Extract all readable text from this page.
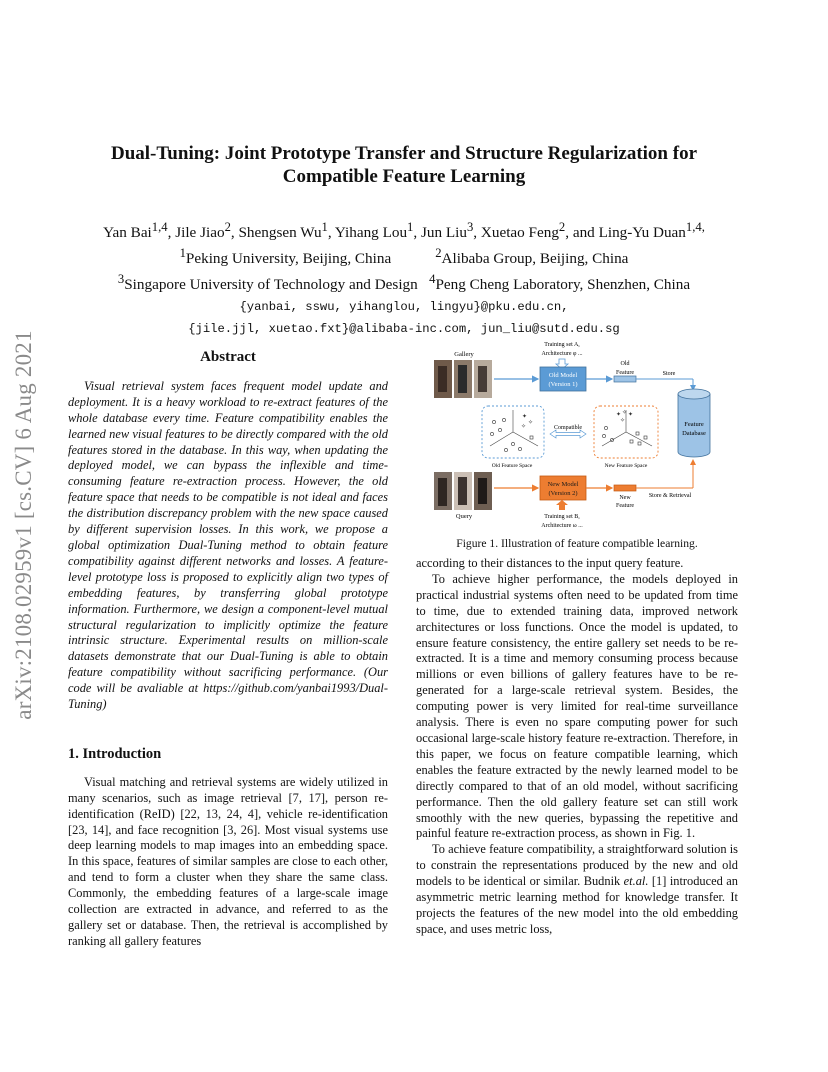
arXiv:2108.02959v1 [cs.CV] 6 Aug 2021
Dual-Tuning: Joint Prototype Transfer and Structure Regularization for
Compatible Feature Learning
Yan Bai$^{1,4}$, Jile Jiao$^2$, Shengsen Wu$^1$, Yihang Lou$^1$, Jun Liu$^3$, Xuetao Feng$^2$, and Ling-Yu Duan$^{1,4,}$
$^1$Peking University, Beijing, China	$^2$Alibaba Group, Beijing, China
$^3$Singapore University of Technology and Design $^4$Peng Cheng Laboratory, Shenzhen, China
{yanbai, sswu, yihanglou, lingyu}@pku.edu.cn,
{jile.jjl, xuetao.fxt}@alibaba-inc.com, jun_liu@sutd.edu.sg
Abstract

Visual retrieval system faces frequent model update and deployment. It is a heavy workload to re-extract features of the whole database every time. Feature compatibility enables the learned new visual features to be directly compared with the old features stored in the database. In this way, when updating the deployed model, we can bypass the inflexible and time-consuming feature re-extraction process. However, the old feature space that needs to be compatible is not ideal and faces the distribution discrepancy problem with the new space caused by different supervision losses. In this work, we propose a global optimization Dual-Tuning method to obtain feature compatibility against different networks and losses. A feature-level prototype loss is proposed to explicitly align two types of embedding features, by transferring global prototype information. Furthermore, we design a component-level mutual structural regularization to implicitly optimize the feature intrinsic structure. Experimental results on million-scale datasets demonstrate that our Dual-Tuning is able to obtain feature compatibility without sacrificing performance. (Our code will be avaliable at https://github.com/yanbai1993/Dual-Tuning)

1. Introduction

Visual matching and retrieval systems are widely utilized in many scenarios, such as image retrieval [7, 17], person re-identification (ReID) [22, 13, 24, 4], vehicle re-identification [23, 14], and face recognition [3, 26]. Most visual systems use deep learning models to map images into an embedding space. In this space, features of similar samples are close to each other, and tend to form a cluster when they share the same class. Commonly, the embedding features of a large-scale image collection are extracted in advance, and referred to as the gallery set or database. Then, the retrieval is accomplished by ranking all gallery features

Gallery
Training set A,
Architecture φ ...
Old Model
(Version 1)
Old
Feature	Store
✦
✧
✧
Old Feature Space
Compatible
✦ ✧ ✦
✧
New Feature Space
Feature
Database
Query
New Model
(Version 2)
Training set B,
Architecture ω ...
New
Feature
Store & Retrieval
Figure 1. Illustration of feature compatible learning.

according to their distances to the input query feature.

To achieve higher performance, the models deployed in practical industrial systems often need to be updated from time to time, due to extended training data, improved network architectures or loss functions. Once the model is updated, to ensure feature consistency, the entire gallery set needs to be re-extracted. It is a time and memory consuming process because millions or even billions of gallery features have to be re-generated for a large-scale retrieval system. Besides, the computing power is very limited for real-time surveillance analysis. There is even no spare computing power for such occasional large-scale history feature re-extraction. Therefore, in this paper, we focus on feature compatible learning, which enables the feature extracted by the newly learned model to be directly compared to that of an old model, without sacrificing performance. Then the old gallery feature set can still work smoothly with the new queries, bypassing the repetitive and painful feature re-extraction process, as shown in Fig. 1.

To achieve feature compatibility, a straightforward solution is to constrain the representations produced by the new and old models to be identical or similar. Budnik et.al. [1] introduced an asymmetric metric learning method for knowledge transfer. It projects the features of the new model into the old embedding space, and uses metric loss,
